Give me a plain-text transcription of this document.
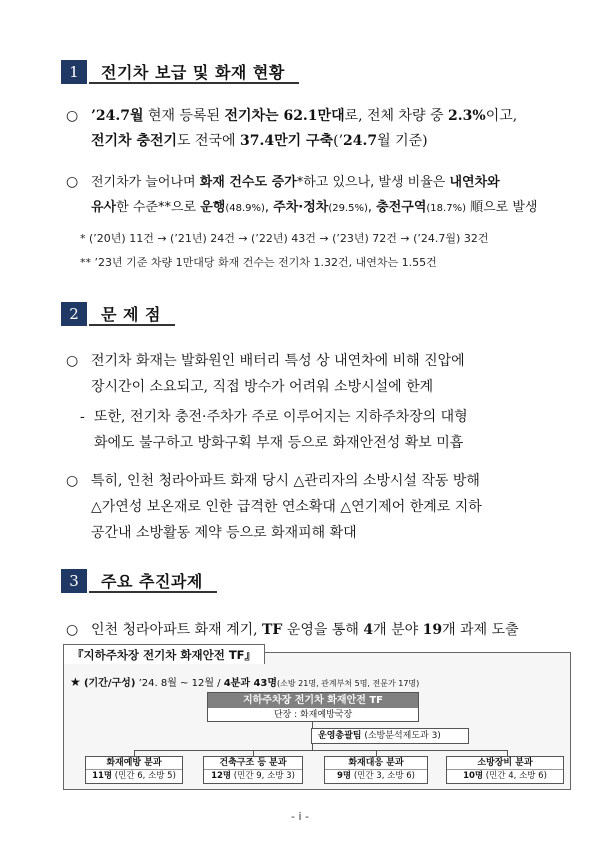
1	전기차 보급 및 화재 현황
○ ’24.7월 현재 등록된 전기차는 62.1만대로, 전체 차량 중 2.3%이고,
전기차 충전기도 전국에 37.4만기 구축(’24.7월 기준)
○ 전기차가 늘어나며 화재 건수도 증가*하고 있으나, 발생 비율은 내연차와
유사한 수준**으로 운행(48.9%), 주차·정차(29.5%), 충전구역(18.7%) 順으로 발생
* (’20년) 11건 → (’21년) 24건 → (’22년) 43건 → (’23년) 72건 → (’24.7월) 32건
** ’23년 기준 차량 1만대당 화재 건수는 전기차 1.32건, 내연차는 1.55건
2	문 제 점
○ 전기차 화재는 발화원인 배터리 특성 상 내연차에 비해 진압에
장시간이 소요되고, 직접 방수가 어려워 소방시설에 한계
- 또한, 전기차 충전·주차가 주로 이루어지는 지하주차장의 대형
화에도 불구하고 방화구획 부재 등으로 화재안전성 확보 미흡
○ 특히, 인천 청라아파트 화재 당시 △관리자의 소방시설 작동 방해
△가연성 보온재로 인한 급격한 연소확대 △연기제어 한계로 지하
공간내 소방활동 제약 등으로 화재피해 확대
3	주요 추진과제
○ 인천 청라아파트 화재 계기, TF 운영을 통해 4개 분야 19개 과제 도출
『지하주차장 전기차 화재안전 TF』
★ (기간/구성) ’24. 8월 ~ 12월 / 4분과 43명(소방 21명, 관계부처 5명, 전문가 17명)
지하주차장 전기차 화재안전 TF
단장 : 화재예방국장
운영총괄팀 (소방분석제도과 3)
화재예방 분과
11명 (민간 6, 소방 5)
건축구조 등 분과
12명 (민간 9, 소방 3)
화재대응 분과
9명 (민간 3, 소방 6)
소방장비 분과
10명 (민간 4, 소방 6)
- i -
